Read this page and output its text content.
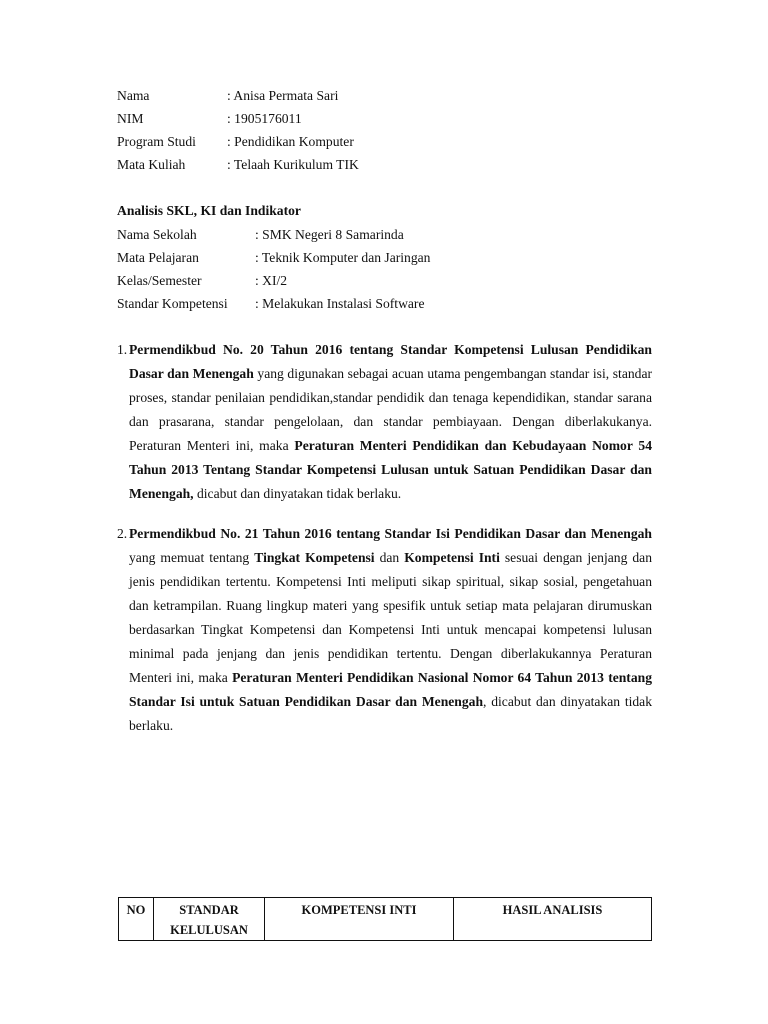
Nama	: Anisa Permata Sari
NIM	: 1905176011
Program Studi : Pendidikan Komputer
Mata Kuliah	: Telaah Kurikulum TIK
Analisis SKL, KI dan Indikator
Nama Sekolah	: SMK Negeri 8 Samarinda
Mata Pelajaran	: Teknik Komputer dan Jaringan
Kelas/Semester	: XI/2
Standar Kompetensi : Melakukan Instalasi Software
1. Permendikbud No. 20 Tahun 2016 tentang Standar Kompetensi Lulusan Pendidikan Dasar dan Menengah yang digunakan sebagai acuan utama pengembangan standar isi, standar proses, standar penilaian pendidikan,standar pendidik dan tenaga kependidikan, standar sarana dan prasarana, standar pengelolaan, dan standar pembiayaan. Dengan diberlakukanya. Peraturan Menteri ini, maka Peraturan Menteri Pendidikan dan Kebudayaan Nomor 54 Tahun 2013 Tentang Standar Kompetensi Lulusan untuk Satuan Pendidikan Dasar dan Menengah, dicabut dan dinyatakan tidak berlaku.

2. Permendikbud No. 21 Tahun 2016 tentang Standar Isi Pendidikan Dasar dan Menengah yang memuat tentang Tingkat Kompetensi dan Kompetensi Inti sesuai dengan jenjang dan jenis pendidikan tertentu. Kompetensi Inti meliputi sikap spiritual, sikap sosial, pengetahuan dan ketrampilan. Ruang lingkup materi yang spesifik untuk setiap mata pelajaran dirumuskan berdasarkan Tingkat Kompetensi dan Kompetensi Inti untuk mencapai kompetensi lulusan minimal pada jenjang dan jenis pendidikan tertentu. Dengan diberlakukannya Peraturan Menteri ini, maka Peraturan Menteri Pendidikan Nasional Nomor 64 Tahun 2013 tentang Standar Isi untuk Satuan Pendidikan Dasar dan Menengah, dicabut dan dinyatakan tidak berlaku.

NO	STANDAR KELULUSAN	KOMPETENSI INTI	HASIL ANALISIS
